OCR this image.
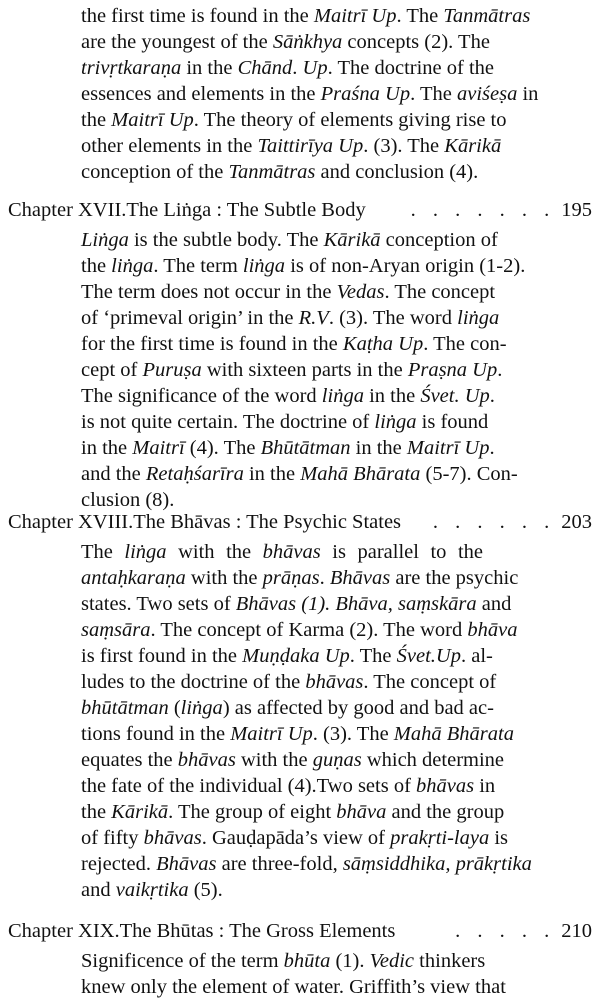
the first time is found in the Maitrī Up. The Tanmātras
are the youngest of the Sāṅkhya concepts (2). The
trivṛtkaraṇa in the Chānd. Up. The doctrine of the
essences and elements in the Praśna Up. The aviśeṣa in
the Maitrī Up. The theory of elements giving rise to
other elements in the Taittirīya Up. (3). The Kārikā
conception of the Tanmātras and conclusion (4).
Chapter XVII. The Liṅga : The Subtle Body	. . . . . . . 195
Liṅga is the subtle body. The Kārikā conception of
the liṅga. The term liṅga is of non-Aryan origin (1-2).
The term does not occur in the Vedas. The concept
of ‘primeval origin’ in the R.V. (3). The word liṅga
for the first time is found in the Kaṭha Up. The con-
cept of Puruṣa with sixteen parts in the Praṣna Up.
The significance of the word liṅga in the Śvet. Up.
is not quite certain. The doctrine of liṅga is found
in the Maitrī (4). The Bhūtātman in the Maitrī Up.
and the Retaḥśarīra in the Mahā Bhārata (5-7). Con-
clusion (8).
Chapter XVIII. The Bhāvas : The Psychic States	. . . . . . 203
The liṅga with the bhāvas is parallel to the
antaḥkaraṇa with the prāṇas. Bhāvas are the psychic
states. Two sets of Bhāvas (1). Bhāva, saṃskāra and
saṃsāra. The concept of Karma (2). The word bhāva
is first found in the Muṇḍaka Up. The Śvet.Up. al-
ludes to the doctrine of the bhāvas. The concept of
bhūtātman (liṅga) as affected by good and bad ac-
tions found in the Maitrī Up. (3). The Mahā Bhārata
equates the bhāvas with the guṇas which determine
the fate of the individual (4).Two sets of bhāvas in
the Kārikā. The group of eight bhāva and the group
of fifty bhāvas. Gauḍapāda’s view of prakṛti-laya is
rejected. Bhāvas are three-fold, sāṃsiddhika, prākṛtika
and vaikṛtika (5).
Chapter XIX. The Bhūtas : The Gross Elements	. . . . . 210
Significence of the term bhūta (1). Vedic thinkers
knew only the element of water. Griffith’s view that
